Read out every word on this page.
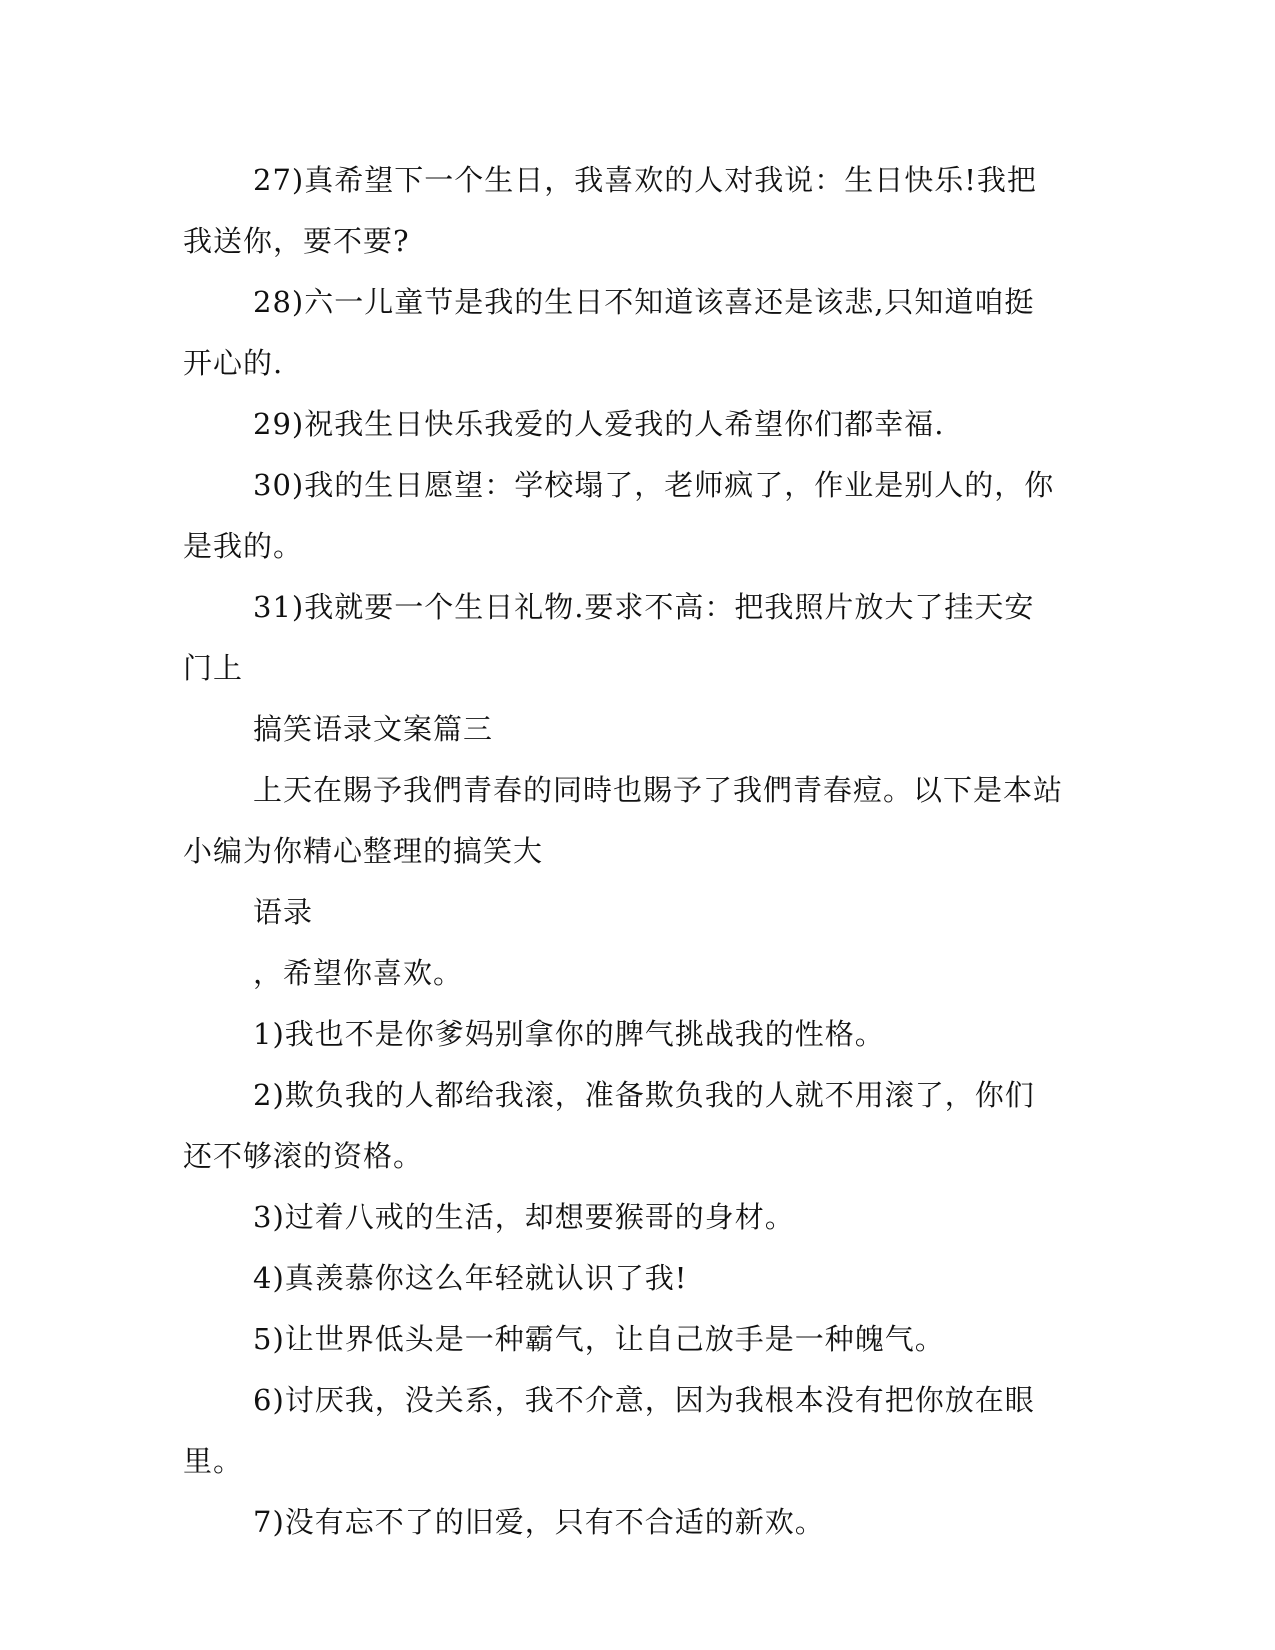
27)真希望下一个生日，我喜欢的人对我说：生日快乐!我把我送你，要不要?

28)六一儿童节是我的生日不知道该喜还是该悲,只知道咱挺开心的.

29)祝我生日快乐我爱的人爱我的人希望你们都幸福.

30)我的生日愿望：学校塌了，老师疯了，作业是别人的，你是我的。

31)我就要一个生日礼物.要求不高：把我照片放大了挂天安门上

搞笑语录文案篇三

上天在賜予我們青春的同時也賜予了我們青春痘。以下是本站小编为你精心整理的搞笑大

语录

，希望你喜欢。

1)我也不是你爹妈别拿你的脾气挑战我的性格。

2)欺负我的人都给我滚，准备欺负我的人就不用滚了，你们还不够滚的资格。

3)过着八戒的生活，却想要猴哥的身材。

4)真羡慕你这么年轻就认识了我!

5)让世界低头是一种霸气，让自己放手是一种魄气。

6)讨厌我，没关系，我不介意，因为我根本没有把你放在眼里。

7)没有忘不了的旧爱，只有不合适的新欢。
